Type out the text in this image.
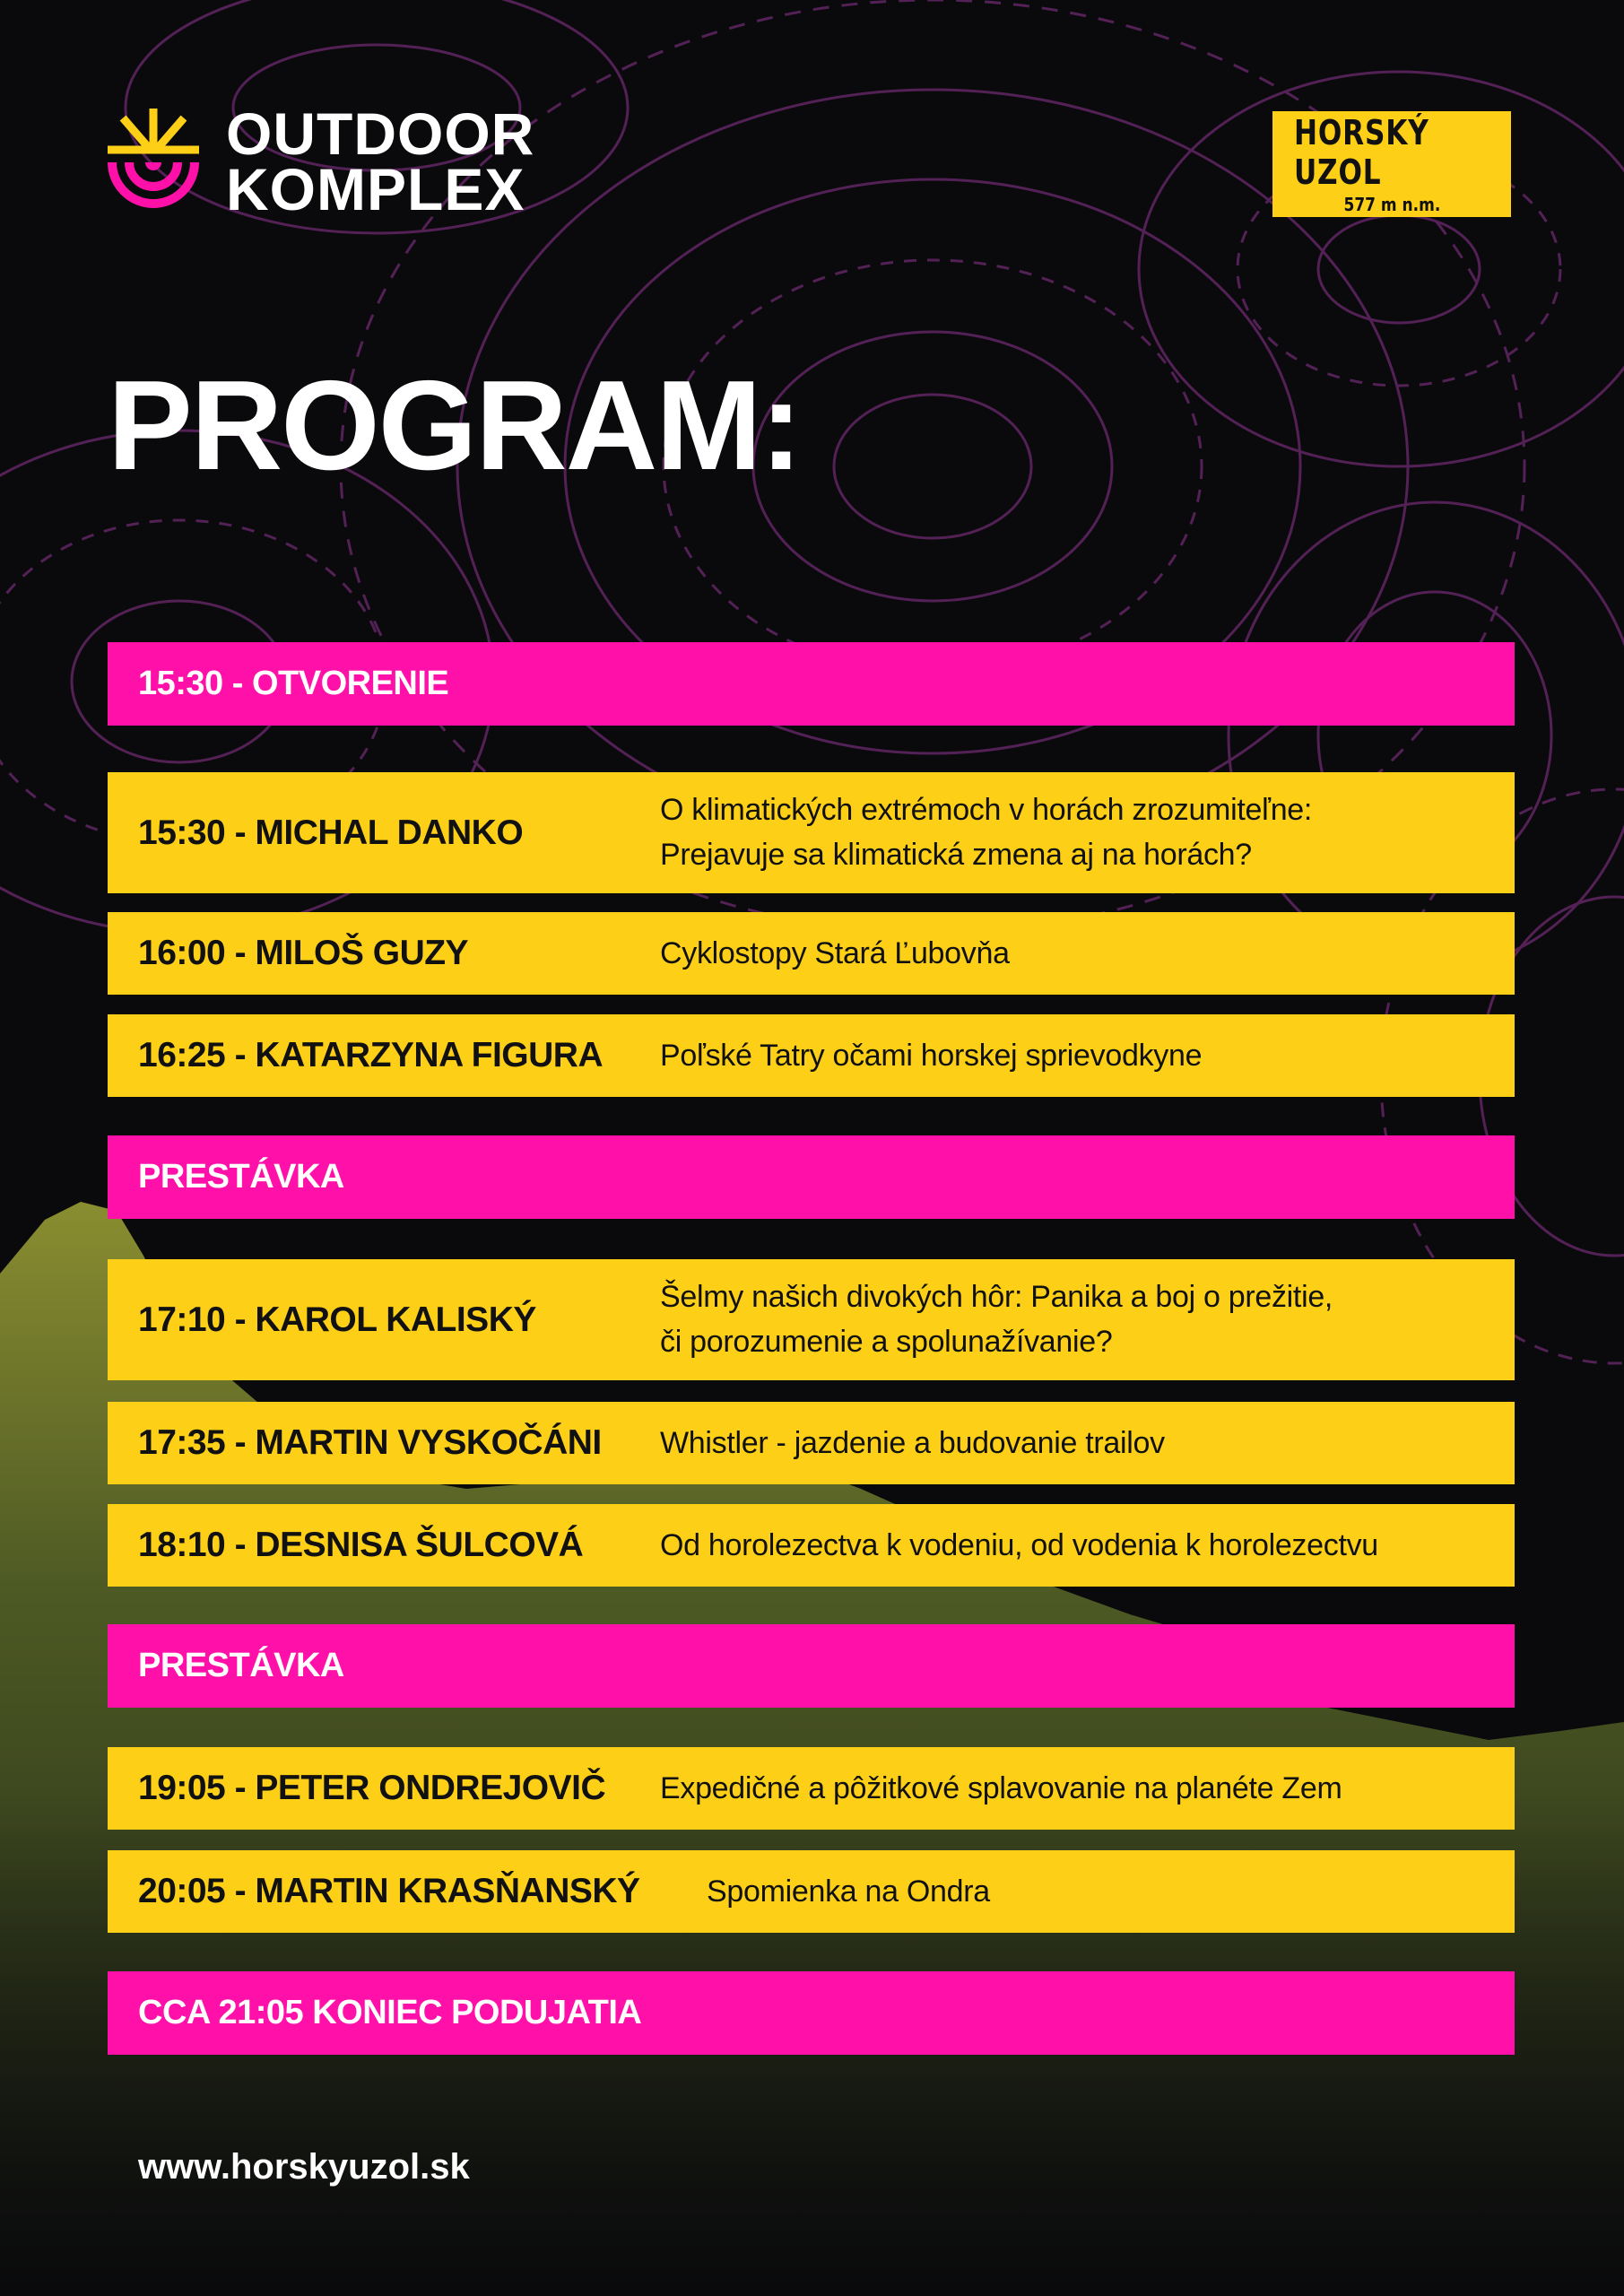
OUTDOOR
KOMPLEX
HORSKÝ UZOL
577 m n.m.
PROGRAM:
15:30 - OTVORENIE
15:30 - MICHAL DANKO
O klimatických extrémoch v horách zrozumiteľne:
Prejavuje sa klimatická zmena aj na horách?
16:00 - MILOŠ GUZY	Cyklostopy Stará Ľubovňa
16:25 - KATARZYNA FIGURA Poľské Tatry očami horskej sprievodkyne
PRESTÁVKA
17:10 - KAROL KALISKÝ
Šelmy našich divokých hôr: Panika a boj o prežitie,
či porozumenie a spolunažívanie?
17:35 - MARTIN VYSKOČÁNI Whistler - jazdenie a budovanie trailov
18:10 - DESNISA ŠULCOVÁ	Od horolezectva k vodeniu, od vodenia k horolezectvu
PRESTÁVKA
19:05 - PETER ONDREJOVIČ Expedičné a pôžitkové splavovanie na planéte Zem
20:05 - MARTIN KRASŇANSKÝ Spomienka na Ondra
CCA 21:05 KONIEC PODUJATIA
www.horskyuzol.sk
